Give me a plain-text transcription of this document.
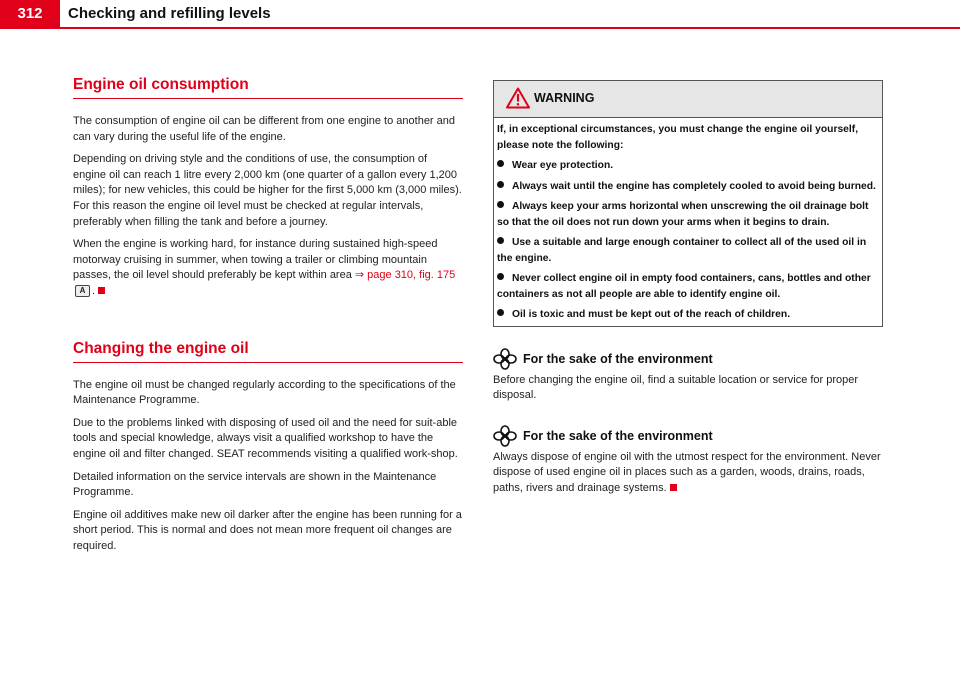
312	Checking and refilling levels
Engine oil consumption

The consumption of engine oil can be different from one engine to another and can vary during the useful life of the engine.

Depending on driving style and the conditions of use, the consumption of engine oil can reach 1 litre every 2,000 km (one quarter of a gallon every 1,200 miles); for new vehicles, this could be higher for the first 5,000 km (3,000 miles). For this reason the engine oil level must be checked at regular intervals, preferably when filling the tank and before a journey.

When the engine is working hard, for instance during sustained high-speed motorway cruising in summer, when towing a trailer or climbing mountain passes, the oil level should preferably be kept within area ⇒ page 310, fig. 175 A .

Changing the engine oil

The engine oil must be changed regularly according to the specifications of the Maintenance Programme.

Due to the problems linked with disposing of used oil and the need for suit-able tools and special knowledge, always visit a qualified workshop to have the engine oil and filter changed. SEAT recommends visiting a qualified work-shop.

Detailed information on the service intervals are shown in the Maintenance Programme.

Engine oil additives make new oil darker after the engine has been running for a short period. This is normal and does not mean more frequent oil changes are required.

WARNING

If, in exceptional circumstances, you must change the engine oil yourself, please note the following:

Wear eye protection.

Always wait until the engine has completely cooled to avoid being burned.

Always keep your arms horizontal when unscrewing the oil drainage bolt so that the oil does not run down your arms when it begins to drain.

Use a suitable and large enough container to collect all of the used oil in the engine.

Never collect engine oil in empty food containers, cans, bottles and other containers as not all people are able to identify engine oil.

Oil is toxic and must be kept out of the reach of children.

For the sake of the environment

Before changing the engine oil, find a suitable location or service for proper disposal.

For the sake of the environment

Always dispose of engine oil with the utmost respect for the environment. Never dispose of used engine oil in places such as a garden, woods, drains, roads, paths, rivers and drainage systems.
